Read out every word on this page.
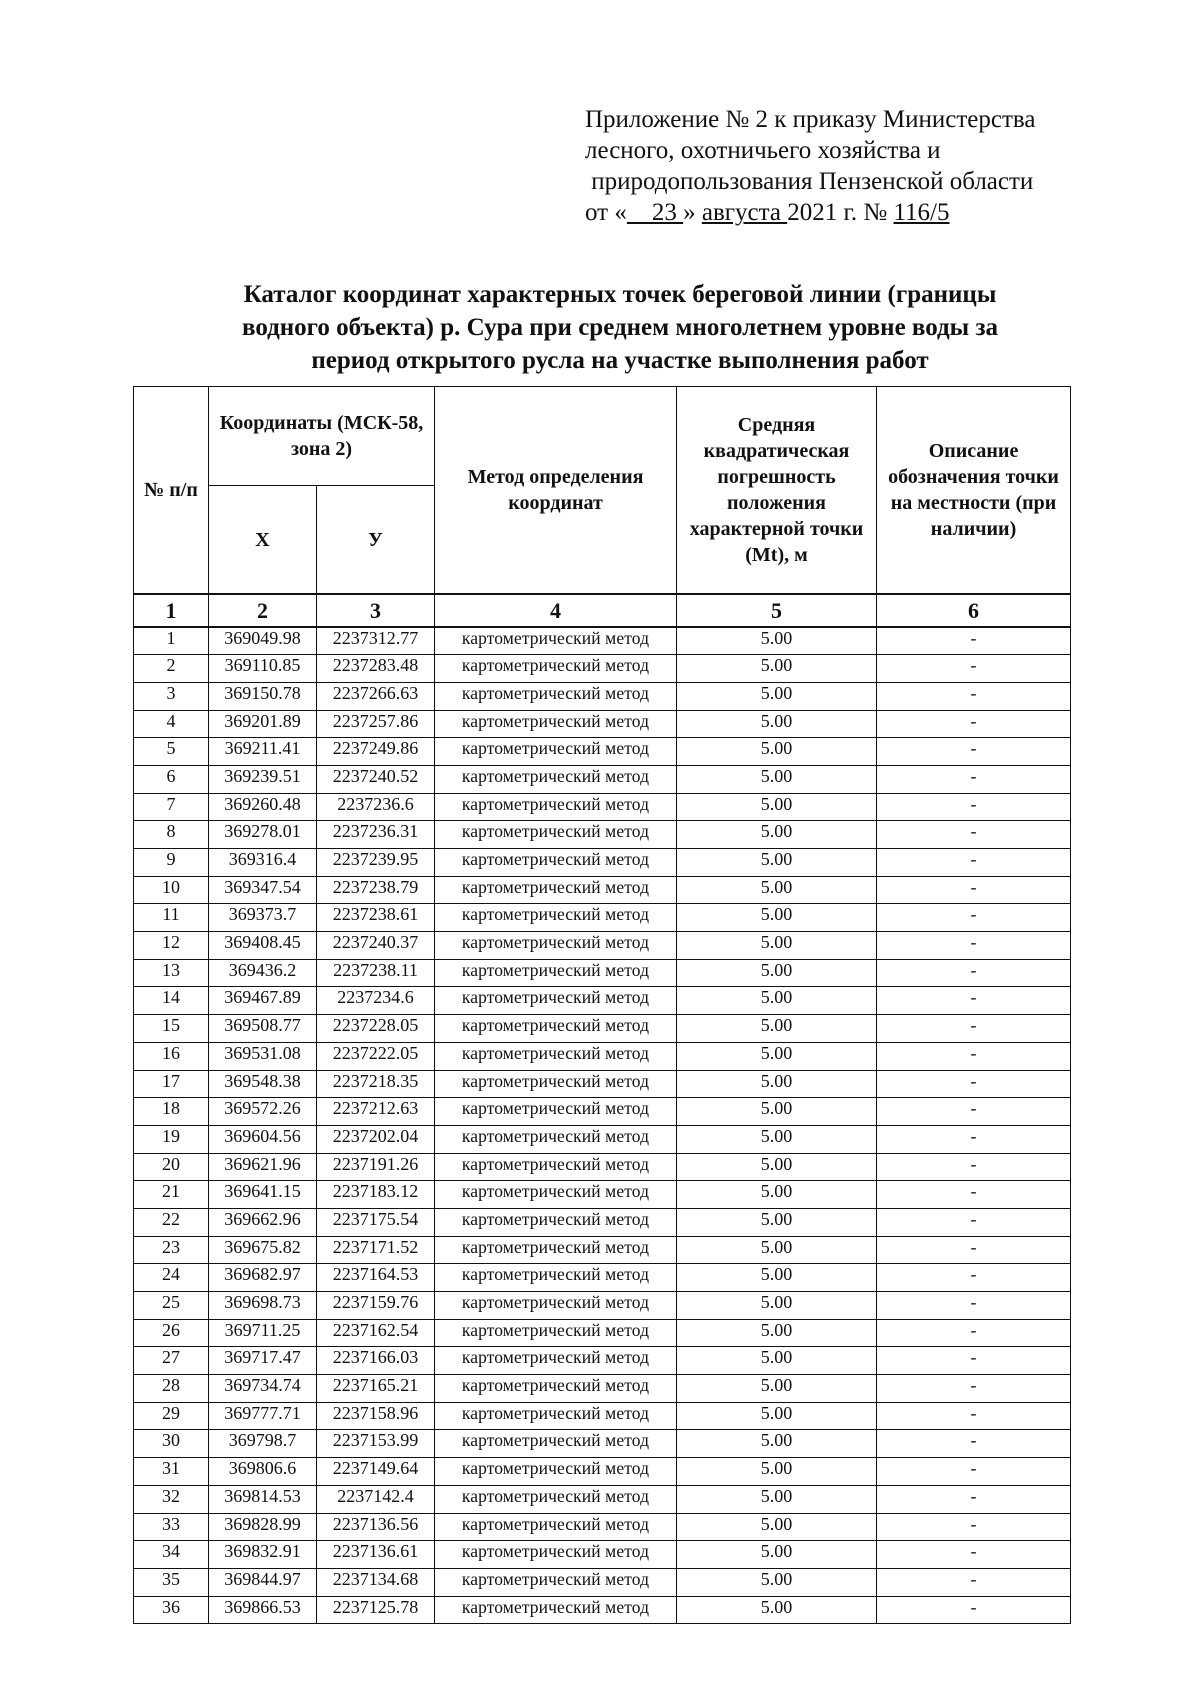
Приложение № 2 к приказу Министерства
лесного, охотничьего хозяйства и
природопользования Пензенской области
от «    23 » августа 2021 г. № 116/5
Каталог координат характерных точек береговой линии (границы
водного объекта) р. Сура при среднем многолетнем уровне воды за
период открытого русла на участке выполнения работ
№ п/п	Координаты (МСК-58, зона 2)		Метод определения координат	Средняя квадратическая погрешность положения характерной точки (Mt), м	Описание обозначения точки на местности (при наличии)
	Х	У			
1	2	3	4	5	6
1	369049.98	2237312.77	картометрический метод	5.00	-
2	369110.85	2237283.48	картометрический метод	5.00	-
3	369150.78	2237266.63	картометрический метод	5.00	-
4	369201.89	2237257.86	картометрический метод	5.00	-
5	369211.41	2237249.86	картометрический метод	5.00	-
6	369239.51	2237240.52	картометрический метод	5.00	-
7	369260.48	2237236.6	картометрический метод	5.00	-
8	369278.01	2237236.31	картометрический метод	5.00	-
9	369316.4	2237239.95	картометрический метод	5.00	-
10	369347.54	2237238.79	картометрический метод	5.00	-
11	369373.7	2237238.61	картометрический метод	5.00	-
12	369408.45	2237240.37	картометрический метод	5.00	-
13	369436.2	2237238.11	картометрический метод	5.00	-
14	369467.89	2237234.6	картометрический метод	5.00	-
15	369508.77	2237228.05	картометрический метод	5.00	-
16	369531.08	2237222.05	картометрический метод	5.00	-
17	369548.38	2237218.35	картометрический метод	5.00	-
18	369572.26	2237212.63	картометрический метод	5.00	-
19	369604.56	2237202.04	картометрический метод	5.00	-
20	369621.96	2237191.26	картометрический метод	5.00	-
21	369641.15	2237183.12	картометрический метод	5.00	-
22	369662.96	2237175.54	картометрический метод	5.00	-
23	369675.82	2237171.52	картометрический метод	5.00	-
24	369682.97	2237164.53	картометрический метод	5.00	-
25	369698.73	2237159.76	картометрический метод	5.00	-
26	369711.25	2237162.54	картометрический метод	5.00	-
27	369717.47	2237166.03	картометрический метод	5.00	-
28	369734.74	2237165.21	картометрический метод	5.00	-
29	369777.71	2237158.96	картометрический метод	5.00	-
30	369798.7	2237153.99	картометрический метод	5.00	-
31	369806.6	2237149.64	картометрический метод	5.00	-
32	369814.53	2237142.4	картометрический метод	5.00	-
33	369828.99	2237136.56	картометрический метод	5.00	-
34	369832.91	2237136.61	картометрический метод	5.00	-
35	369844.97	2237134.68	картометрический метод	5.00	-
36	369866.53	2237125.78	картометрический метод	5.00	-
